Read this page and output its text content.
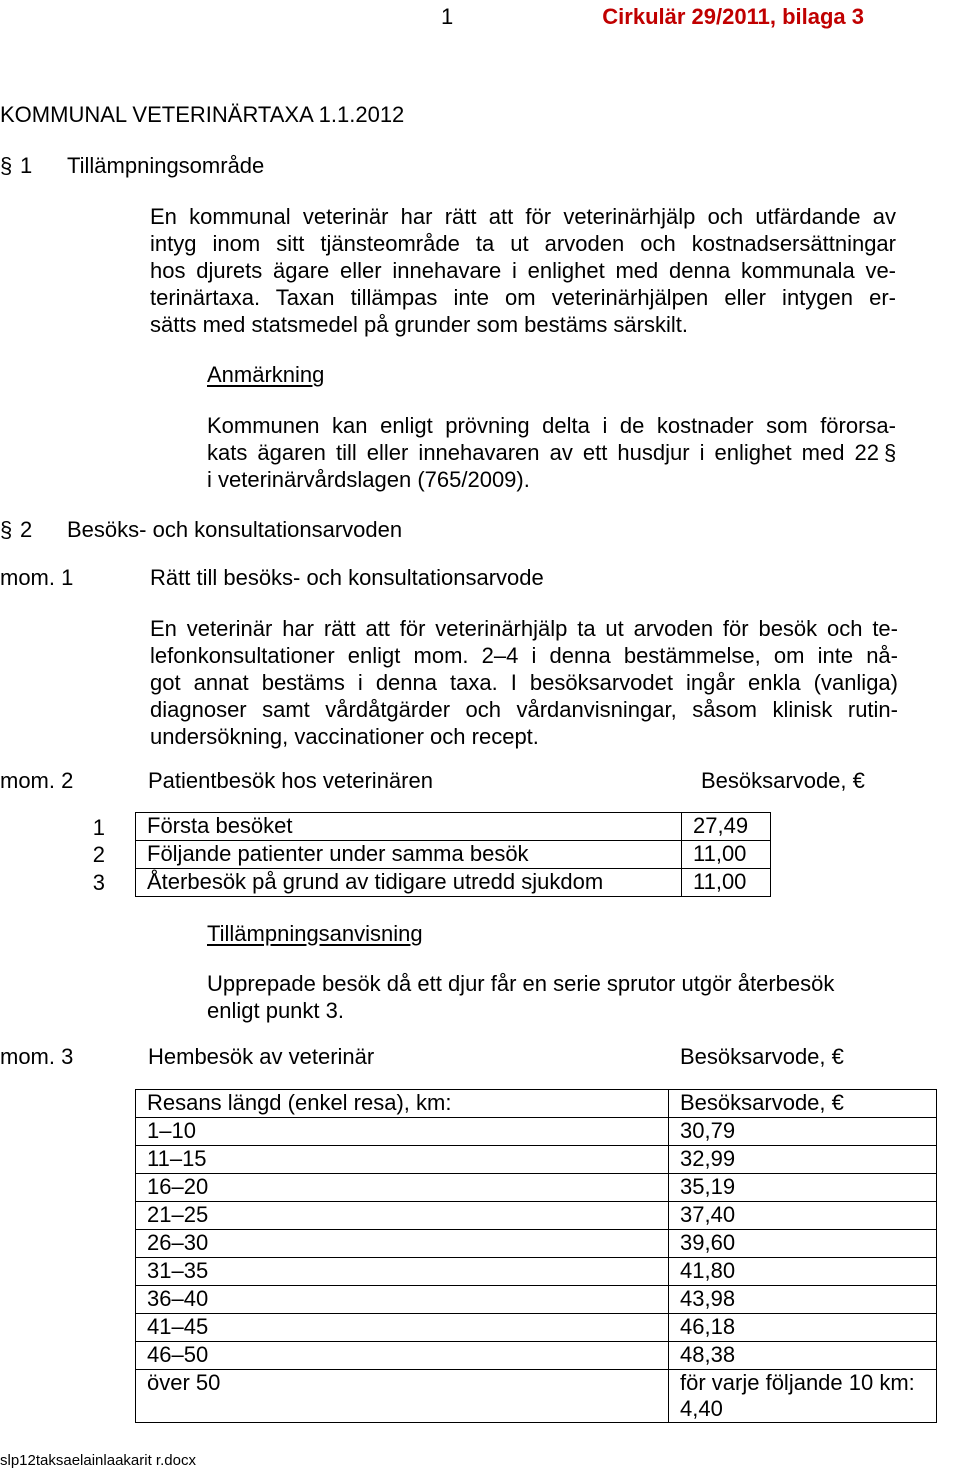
1	Cirkulär 29/2011, bilaga 3
KOMMUNAL VETERINÄRTAXA 1.1.2012
§ 1 Tillämpningsområde
En kommunal veterinär har rätt att för veterinärhjälp och utfärdande av
intyg inom sitt tjänsteområde ta ut arvoden och kostnadsersättningar
hos djurets ägare eller innehavare i enlighet med denna kommunala ve-
terinärtaxa. Taxan tillämpas inte om veterinärhjälpen eller intygen er-
sätts med statsmedel på grunder som bestäms särskilt.
Anmärkning
Kommunen kan enligt prövning delta i de kostnader som förorsa-
kats ägaren till eller innehavaren av ett husdjur i enlighet med 22
i veterinärvårdslagen (765/2009).
§
§ 2 Besöks- och konsultationsarvoden
mom. 1	Rätt till besöks- och konsultationsarvode
En veterinär har rätt att för veterinärhjälp ta ut arvoden för besök och te-
lefonkonsultationer enligt mom. 2–4 i denna bestämmelse, om inte nå-
got annat bestäms i denna taxa. I besöksarvodet ingår enkla (vanliga)
diagnoser samt vårdåtgärder och vårdanvisningar, såsom klinisk rutin-
undersökning, vaccinationer och recept.
mom. 2	Patientbesök hos veterinären	Besöksarvode, €
1
2
3
Första besöket	27,49
Följande patienter under samma besök	11,00
Återbesök på grund av tidigare utredd sjukdom	11,00
Tillämpningsanvisning
Upprepade besök då ett djur får en serie sprutor utgör återbesök
enligt punkt 3.
mom. 3	Hembesök av veterinär	Besöksarvode, €
Resans längd (enkel resa), km:	Besöksarvode, €
1–10	30,79
11–15	32,99
16–20	35,19
21–25	37,40
26–30	39,60
31–35	41,80
36–40	43,98
41–45	46,18
46–50	48,38
över 50	för varje följande 10 km:
4,40
slp12taksaelainlaakarit r.docx
